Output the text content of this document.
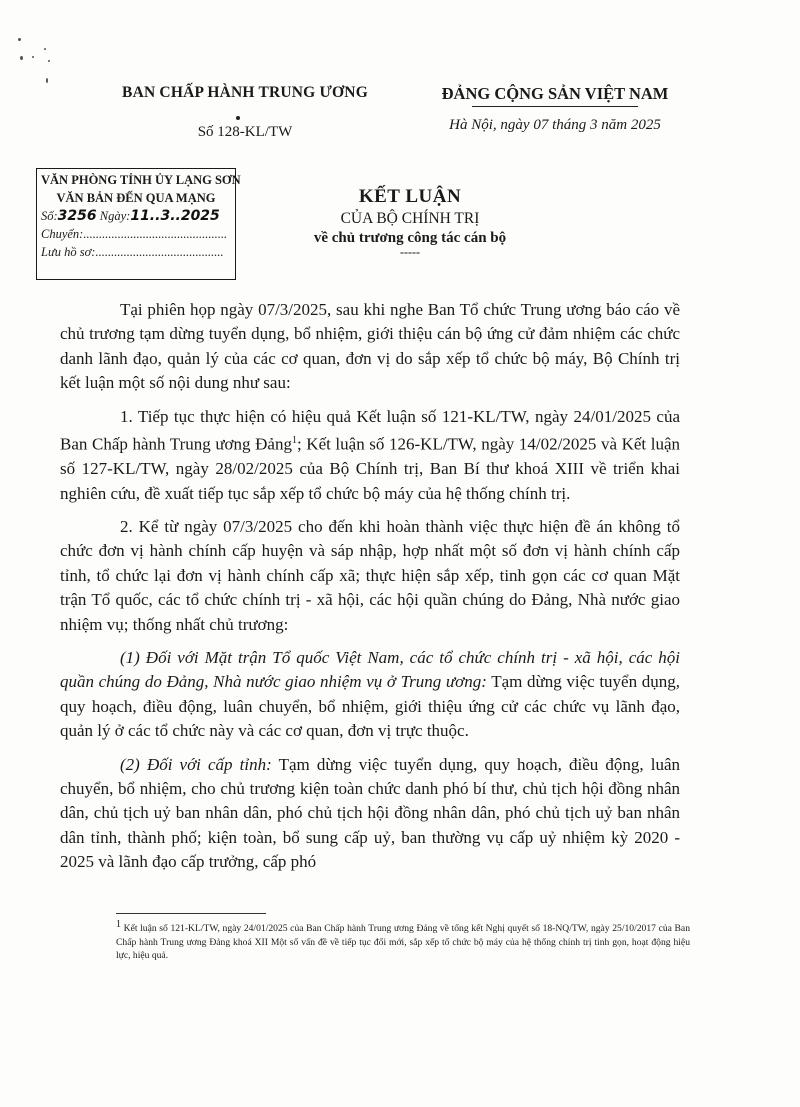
BAN CHẤP HÀNH TRUNG ƯƠNG
Số 128-KL/TW
ĐẢNG CỘNG SẢN VIỆT NAM
Hà Nội, ngày 07 tháng 3 năm 2025
VĂN PHÒNG TỈNH ỦY LẠNG SƠN
VĂN BẢN ĐẾN QUA MẠNG
Số:3256 Ngày:11..3..2025
Chuyển:..............................................
Lưu hồ sơ:.........................................
KẾT LUẬN
CỦA BỘ CHÍNH TRỊ
về chủ trương công tác cán bộ
-----

Tại phiên họp ngày 07/3/2025, sau khi nghe Ban Tổ chức Trung ương báo cáo về chủ trương tạm dừng tuyển dụng, bổ nhiệm, giới thiệu cán bộ ứng cử đảm nhiệm các chức danh lãnh đạo, quản lý của các cơ quan, đơn vị do sắp xếp tổ chức bộ máy, Bộ Chính trị kết luận một số nội dung như sau:

1. Tiếp tục thực hiện có hiệu quả Kết luận số 121-KL/TW, ngày 24/01/2025 của Ban Chấp hành Trung ương Đảng$^1$; Kết luận số 126-KL/TW, ngày 14/02/2025 và Kết luận số 127-KL/TW, ngày 28/02/2025 của Bộ Chính trị, Ban Bí thư khoá XIII về triển khai nghiên cứu, đề xuất tiếp tục sắp xếp tổ chức bộ máy của hệ thống chính trị.

2. Kể từ ngày 07/3/2025 cho đến khi hoàn thành việc thực hiện đề án không tổ chức đơn vị hành chính cấp huyện và sáp nhập, hợp nhất một số đơn vị hành chính cấp tỉnh, tổ chức lại đơn vị hành chính cấp xã; thực hiện sắp xếp, tinh gọn các cơ quan Mặt trận Tổ quốc, các tổ chức chính trị - xã hội, các hội quần chúng do Đảng, Nhà nước giao nhiệm vụ; thống nhất chủ trương:

(1) Đối với Mặt trận Tổ quốc Việt Nam, các tổ chức chính trị - xã hội, các hội quần chúng do Đảng, Nhà nước giao nhiệm vụ ở Trung ương: Tạm dừng việc tuyển dụng, quy hoạch, điều động, luân chuyển, bổ nhiệm, giới thiệu ứng cử các chức vụ lãnh đạo, quản lý ở các tổ chức này và các cơ quan, đơn vị trực thuộc.

(2) Đối với cấp tỉnh: Tạm dừng việc tuyển dụng, quy hoạch, điều động, luân chuyển, bổ nhiệm, cho chủ trương kiện toàn chức danh phó bí thư, chủ tịch hội đồng nhân dân, chủ tịch uỷ ban nhân dân, phó chủ tịch hội đồng nhân dân, phó chủ tịch uỷ ban nhân dân tỉnh, thành phố; kiện toàn, bổ sung cấp uỷ, ban thường vụ cấp uỷ nhiệm kỳ 2020 - 2025 và lãnh đạo cấp trưởng, cấp phó

$^1$ Kết luận số 121-KL/TW, ngày 24/01/2025 của Ban Chấp hành Trung ương Đảng về tổng kết Nghị quyết số 18-NQ/TW, ngày 25/10/2017 của Ban Chấp hành Trung ương Đảng khoá XII Một số vấn đề về tiếp tục đổi mới, sắp xếp tổ chức bộ máy của hệ thống chính trị tinh gọn, hoạt động hiệu lực, hiệu quả.
